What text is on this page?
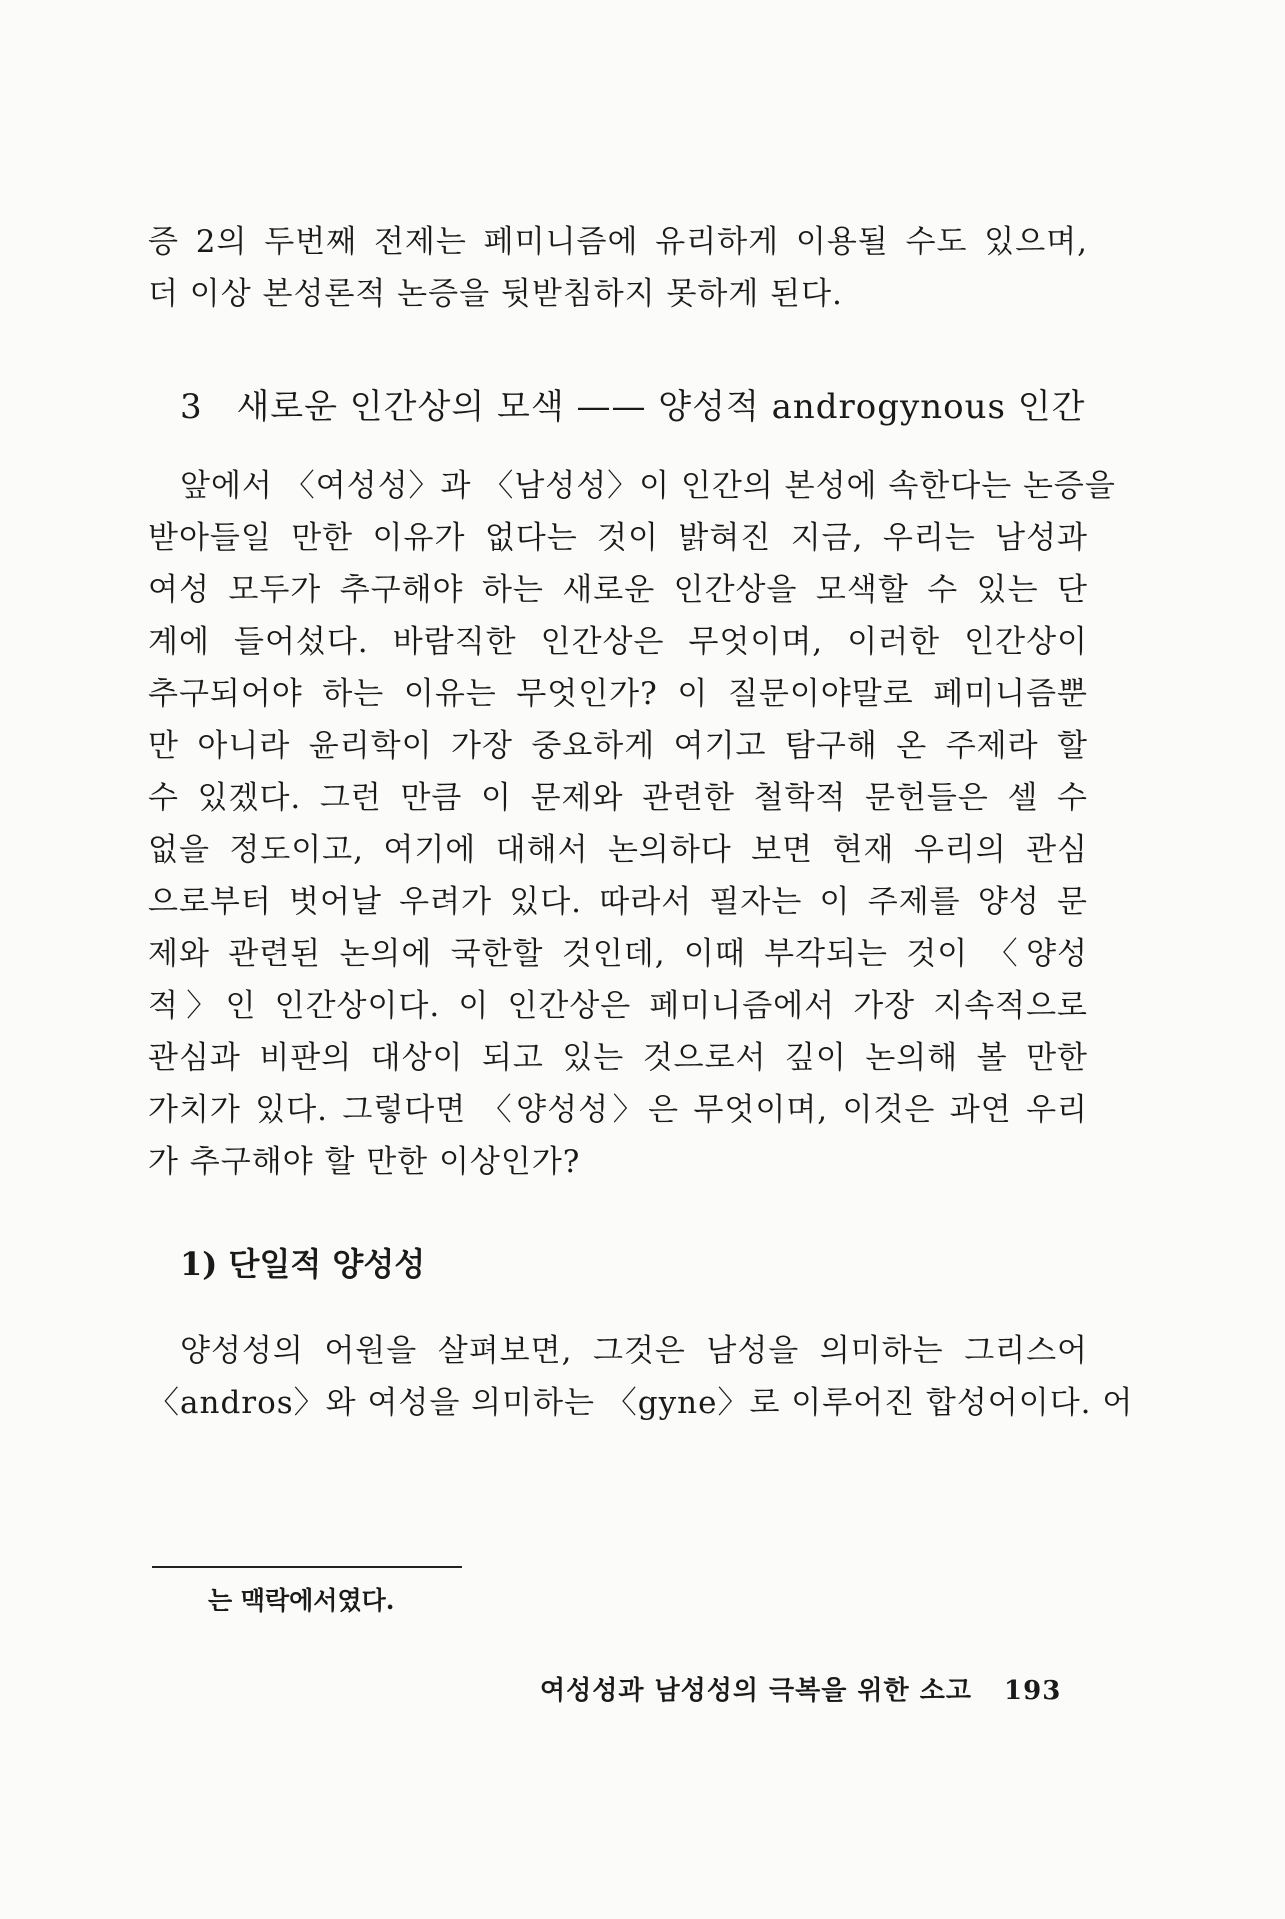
증 2의 두번째 전제는 페미니즘에 유리하게 이용될 수도 있으며,
더 이상 본성론적 논증을 뒷받침하지 못하게 된다.
3 새로운 인간상의 모색 —— 양성적 androgynous 인간
앞에서 〈여성성〉과 〈남성성〉이 인간의 본성에 속한다는 논증을
받아들일 만한 이유가 없다는 것이 밝혀진 지금, 우리는 남성과
여성 모두가 추구해야 하는 새로운 인간상을 모색할 수 있는 단
계에 들어섰다. 바람직한 인간상은 무엇이며, 이러한 인간상이
추구되어야 하는 이유는 무엇인가? 이 질문이야말로 페미니즘뿐
만 아니라 윤리학이 가장 중요하게 여기고 탐구해 온 주제라 할
수 있겠다. 그런 만큼 이 문제와 관련한 철학적 문헌들은 셀 수
없을 정도이고, 여기에 대해서 논의하다 보면 현재 우리의 관심
으로부터 벗어날 우려가 있다. 따라서 필자는 이 주제를 양성 문
제와 관련된 논의에 국한할 것인데, 이때 부각되는 것이 〈양성
적〉인 인간상이다. 이 인간상은 페미니즘에서 가장 지속적으로
관심과 비판의 대상이 되고 있는 것으로서 깊이 논의해 볼 만한
가치가 있다. 그렇다면 〈양성성〉은 무엇이며, 이것은 과연 우리
가 추구해야 할 만한 이상인가?
1) 단일적 양성성
양성성의 어원을 살펴보면, 그것은 남성을 의미하는 그리스어
〈andros〉와 여성을 의미하는 〈gyne〉로 이루어진 합성어이다. 어
는 맥락에서였다.
여성성과 남성성의 극복을 위한 소고 193
